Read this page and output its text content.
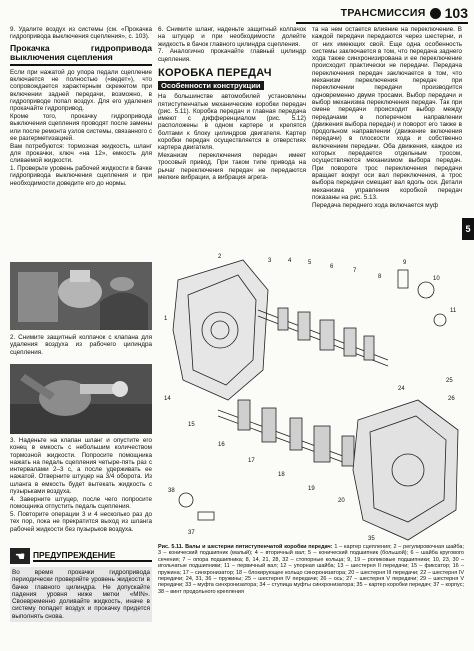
ТРАНСМИССИЯ 103
5

9. Удалите воздух из системы (см. «Прокачка гидропривода выключения сцепления», с. 103).

Прокачка гидропривода выключения сцепления

Если при нажатой до упора педали сцепление включается не полностью («ведет»), что сопровождается характерным скрежетом при включении задней передачи, возможно, в гидроприводе попал воздух. Для его удаления прокачайте гидропривод.

Кроме того, прокачку гидропривода выключения сцепления проводят после замены или после ремонта узлов системы, связанного с ее разгерметизацией.

Вам потребуются: тормозная жидкость, шланг для прокачки, ключ «на 12», емкость для сливаемой жидкости.

1. Проверьте уровень рабочей жидкости в бачке гидропривода выключения сцепления и при необходимости доведите его до нормы.

2. Снимите защитный колпачок с клапана для удаления воздуха из рабочего цилиндра сцепления.

3. Наденьте на клапан шланг и опустите его конец в емкость с небольшим количеством тормозной жидкости. Попросите помощника нажать на педаль сцепления четыре-пять раз с интервалами 2–3 с, а после удерживать ее нажатой. Отверните штуцер на 3/4 оборота. Из шланга в емкость будет вытекать жидкость с пузырьками воздуха.

4. Заверните штуцер, после чего попросите помощника отпустить педаль сцепления.

5. Повторите операции 3 и 4 несколько раз до тех пор, пока не прекратится выход из шланга рабочей жидкости без пузырьков воздуха.

☚ ПРЕДУПРЕЖДЕНИЕ
Во время прокачки гидропривода периодически проверяйте уровень жидкости в бачке главного цилиндра. Не допускайте падения уровня ниже метки «MIN». Своевременно доливайте жидкость, иначе в систему попадет воздух и прокачку придется выполнять снова.

6. Снимите шланг, наденьте защитный колпачок на штуцер и при необходимости долейте жидкость в бачок главного цилиндра сцепления.

7. Аналогично прокачайте главный цилиндр сцепления.

КОРОБКА ПЕРЕДАЧ
Особенности конструкции

На большинстве автомобилей установлены пятиступенчатые механические коробки передач (рис. 5.11). Коробка передач и главная передача имеют с дифференциалом (рис. 5.12) расположены в одном картере и крепятся болтами к блоку цилиндров двигателя. Картер коробки передач осуществляется в отверстиях картера двигателя.

Механизм переключения передач имеет тросовый привод. При таком типе привода на рычаг переключения передач не передаются мелкие вибрации, а вибрация агрега-

та на нем остается влияние на переключение. В каждой передачи передаются через шестерни, и от них имеющих свой. Еще одна особенность системы заключается в том, что передача заднего хода также синхронизирована и ее переключение происходит практически не передачи. Передача переключения передач заключается в том, что механизм переключения передач при переключении передачи производится одновременно двумя тросами. Выбор передачи и выбор механизма переключения передач. Так при смене передачи происходит выбор между передачами в поперечном направлении (движения выбора передач) и поворот его также в продольном направлении (движение включения передачи) в плоскости хода и собственно включением передачи. Оба движения, каждое из которых передается отдельным тросом, осуществляются механизмом выбора передач. При повороте трос переключения передачи вращает вокруг оси вал переключения, а трос выбора передачи смещает вал вдоль оси. Детали механизма управления коробкой передач показаны на рис. 5.13.

Передача переднего хода включается муф

2
3	4	5
6
7
8
9
10
11
1
14
15
16
17
18
19
20
38
37
35
26
25
24
Рис. 5.11. Валы и шестерни пятиступенчатой коробки передач: 1 – картер сцепления; 2 – регулировочная шайба; 3 – конический подшипник (малый); 4 – вторичный вал; 5 – конический подшипник (большой); 6 – шайба кругового сечения; 7 – опора подшипника; 8, 14, 21, 28, 32 – стопорные кольца; 9, 19 – роликовые подшипники; 10, 23, 30 – игольчатые подшипники; 11 – первичный вал; 12 – упорная шайба; 13 – шестерня II передачи; 15 – фиксатор; 16 – пружина; 17 – синхронизатор; 18 – блокирующее кольцо синхронизатора; 20 – шестерня III передачи; 22 – шестерня IV передачи; 24, 31, 36 – пружины; 25 – шестерня IV передачи; 26 – ось; 27 – шестерня V передачи; 29 – шестерня V передачи; 33 – муфта синхронизатора; 34 – ступица муфты синхронизатора; 35 – картер коробки передач; 37 – корпус; 38 – винт продольного крепления
